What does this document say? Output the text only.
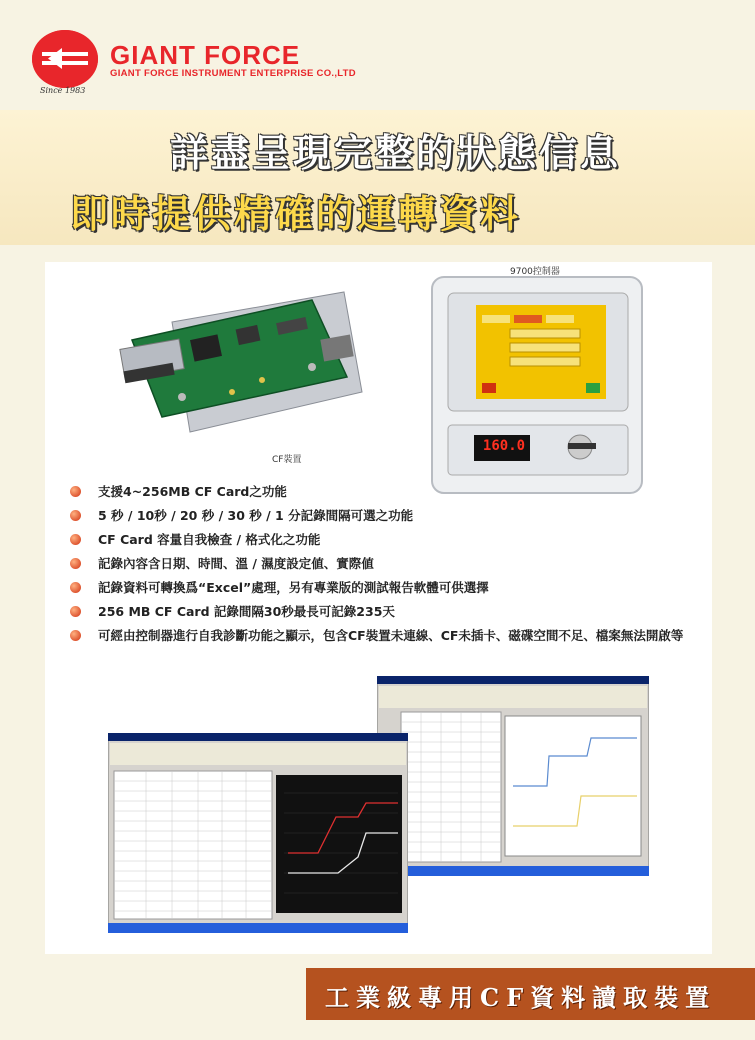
Since 1983
GIANT FORCE
GIANT FORCE INSTRUMENT ENTERPRISE CO.,LTD
詳盡呈現完整的狀態信息
即時提供精確的運轉資料
CF裝置
9700控制器
160.0
支援4~256MB CF Card之功能
5 秒 / 10秒 / 20 秒 / 30 秒 / 1 分記錄間隔可選之功能
CF Card 容量自我檢查 / 格式化之功能
記錄內容含日期、時間、溫 / 濕度設定値、實際値
記錄資料可轉換爲“Excel”處理，另有專業版的測試報告軟體可供選擇
256 MB CF Card 記錄間隔30秒最長可記錄235天
可經由控制器進行自我診斷功能之顯示，包含CF裝置未連線、CF未插卡、磁碟空間不足、檔案無法開啟等
工業級專用CF資料讀取裝置
